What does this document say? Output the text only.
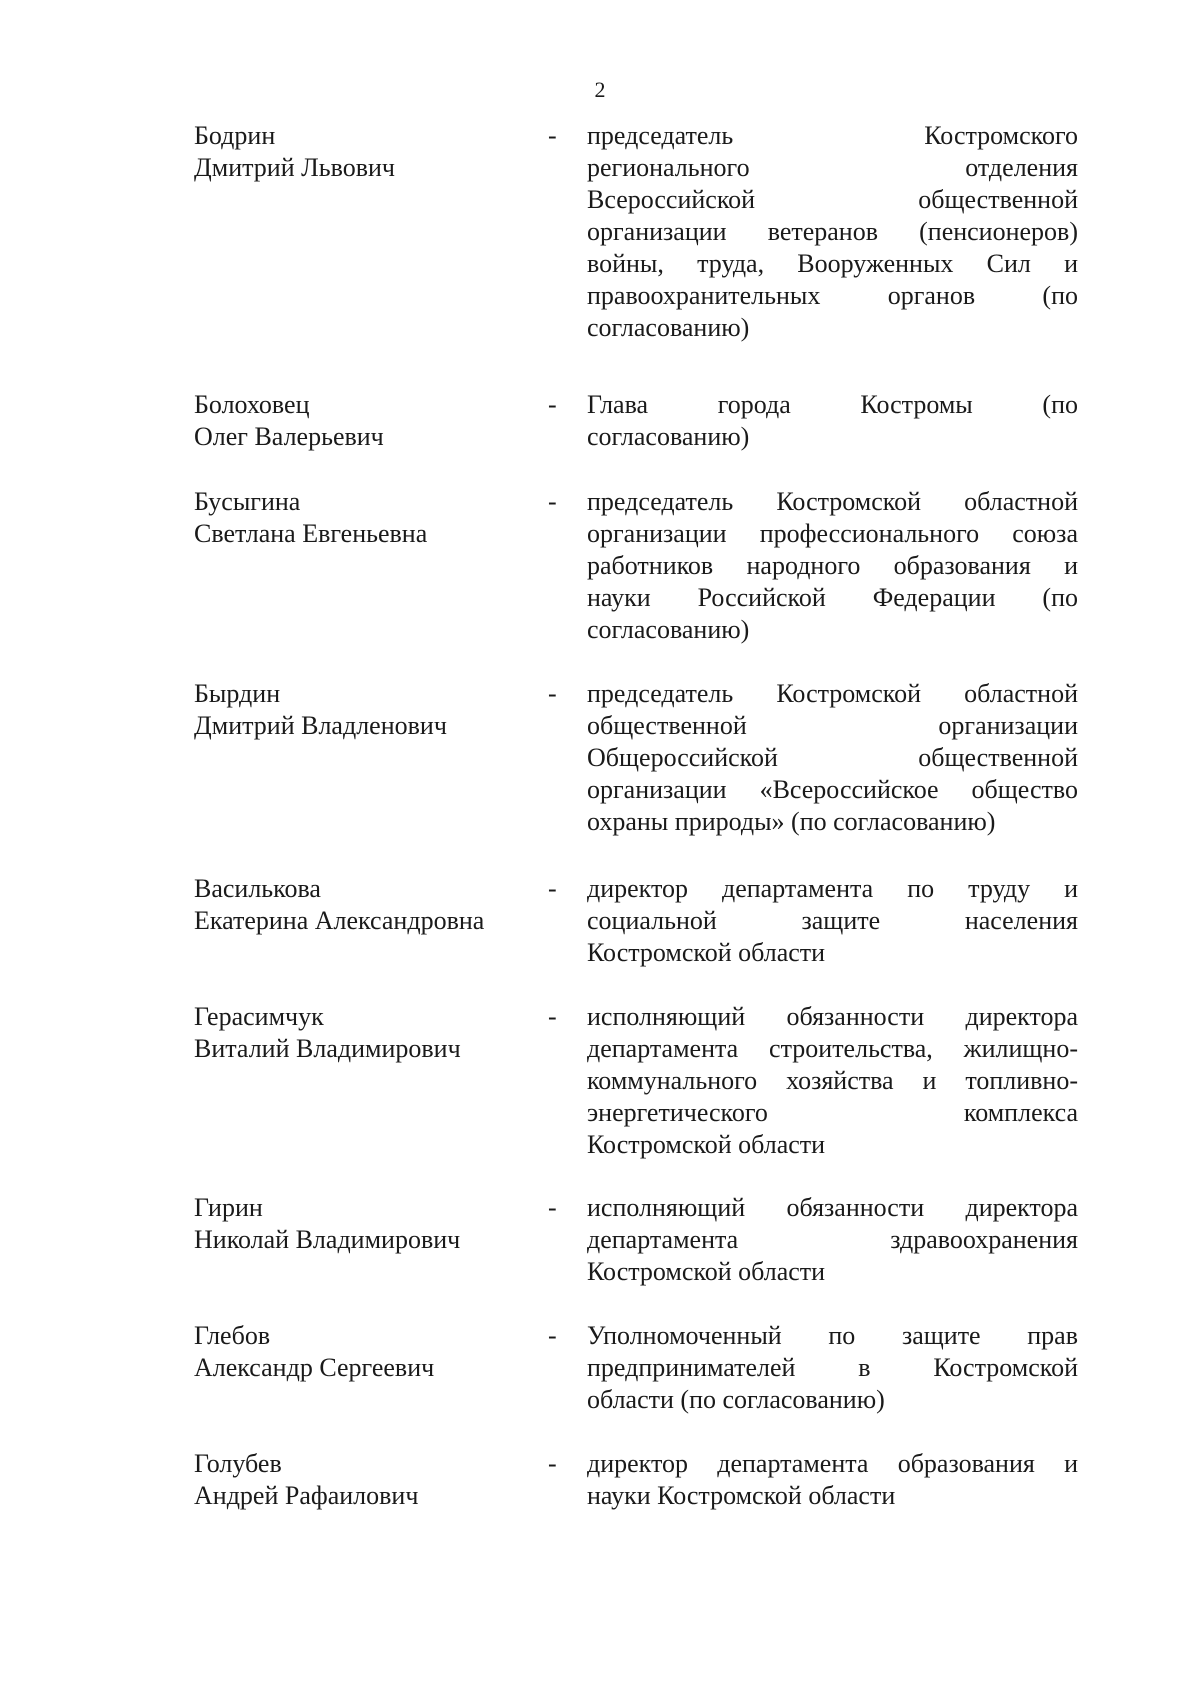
2
Бодрин
Дмитрий Львович
- председатель Костромского
регионального отделения
Всероссийской общественной
организации ветеранов (пенсионеров)
войны, труда, Вооруженных Сил и
правоохранительных органов (по
согласованию)
Болоховец
Олег Валерьевич
- Глава города Костромы (по
согласованию)
Бусыгина
Светлана Евгеньевна
- председатель Костромской областной
организации профессионального союза
работников народного образования и
науки Российской Федерации (по
согласованию)
Бырдин
Дмитрий Владленович
- председатель Костромской областной
общественной организации
Общероссийской общественной
организации «Всероссийское общество
охраны природы» (по согласованию)
Василькова
Екатерина Александровна
- директор департамента по труду и
социальной защите населения
Костромской области
Герасимчук
Виталий Владимирович
- исполняющий обязанности директора
департамента строительства, жилищно-
коммунального хозяйства и топливно-
энергетического комплекса
Костромской области
Гирин
Николай Владимирович
- исполняющий обязанности директора
департамента здравоохранения
Костромской области
Глебов
Александр Сергеевич
- Уполномоченный по защите прав
предпринимателей в Костромской
области (по согласованию)
Голубев
Андрей Рафаилович
- директор департамента образования и
науки Костромской области
